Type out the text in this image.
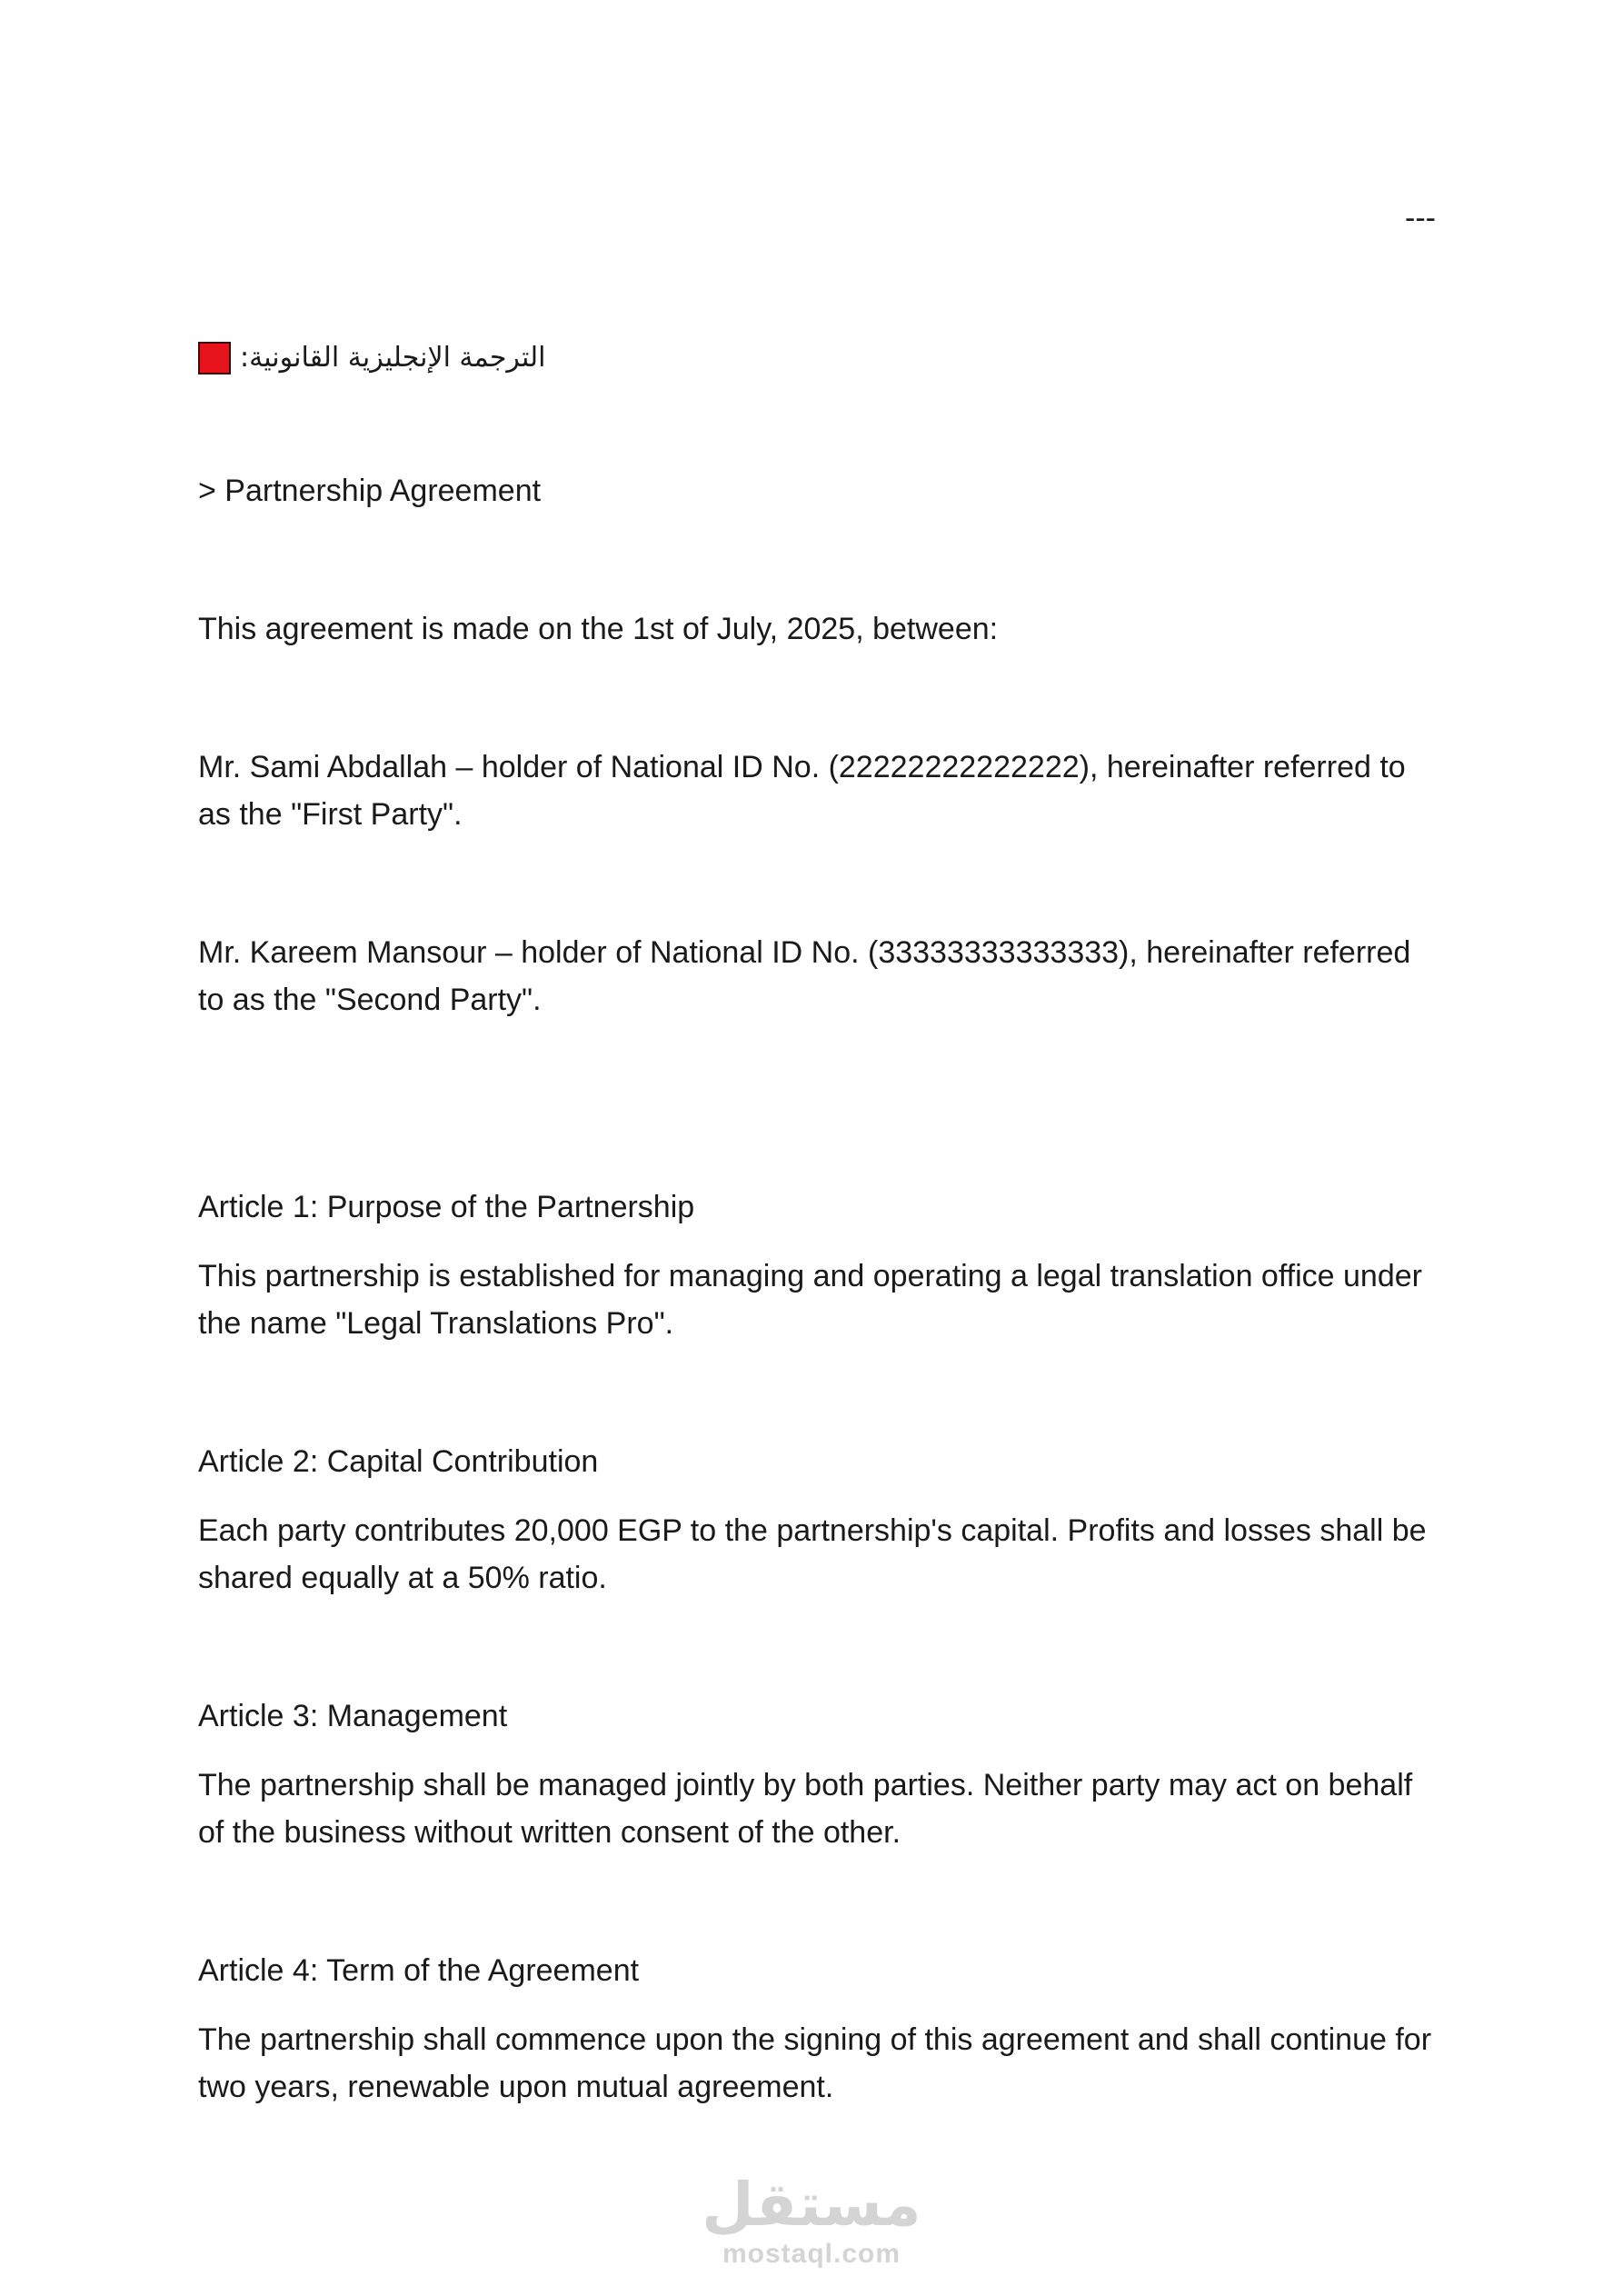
---
الترجمة الإنجليزية القانونية:
> Partnership Agreement
This agreement is made on the 1st of July, 2025, between:
Mr. Sami Abdallah – holder of National ID No. (22222222222222), hereinafter referred to as the "First Party".
Mr. Kareem Mansour – holder of National ID No. (33333333333333), hereinafter referred to as the "Second Party".
Article 1: Purpose of the Partnership
This partnership is established for managing and operating a legal translation office under the name "Legal Translations Pro".
Article 2: Capital Contribution
Each party contributes 20,000 EGP to the partnership's capital. Profits and losses shall be shared equally at a 50% ratio.
Article 3: Management
The partnership shall be managed jointly by both parties. Neither party may act on behalf of the business without written consent of the other.
Article 4: Term of the Agreement
The partnership shall commence upon the signing of this agreement and shall continue for two years, renewable upon mutual agreement.
مستقل
mostaql.com
